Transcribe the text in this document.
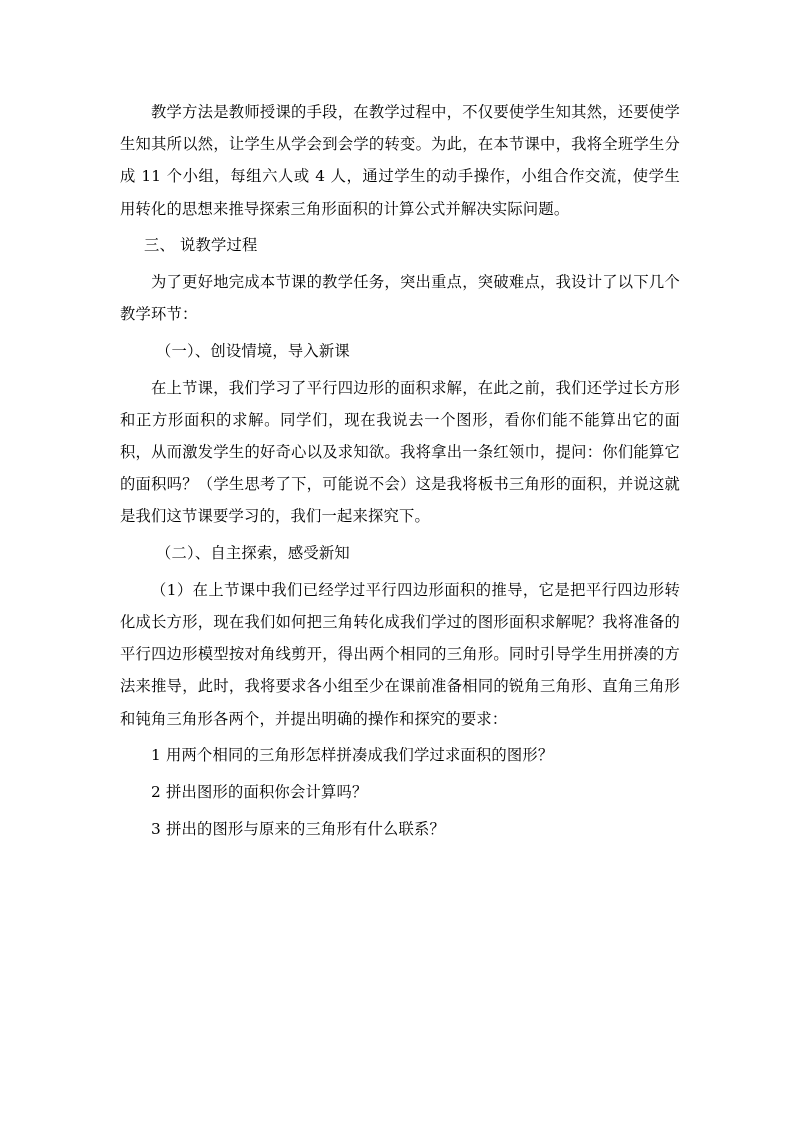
教学方法是教师授课的手段，在教学过程中，不仅要使学生知其然，还要使学生知其所以然，让学生从学会到会学的转变。为此，在本节课中，我将全班学生分成 11 个小组，每组六人或 4 人，通过学生的动手操作，小组合作交流，使学生用转化的思想来推导探索三角形面积的计算公式并解决实际问题。

三、 说教学过程

为了更好地完成本节课的教学任务，突出重点，突破难点，我设计了以下几个教学环节：

（一）、创设情境，导入新课

在上节课，我们学习了平行四边形的面积求解，在此之前，我们还学过长方形和正方形面积的求解。同学们，现在我说去一个图形，看你们能不能算出它的面积，从而激发学生的好奇心以及求知欲。我将拿出一条红领巾，提问：你们能算它的面积吗？（学生思考了下，可能说不会）这是我将板书三角形的面积，并说这就是我们这节课要学习的，我们一起来探究下。

（二）、自主探索，感受新知

（1）在上节课中我们已经学过平行四边形面积的推导，它是把平行四边形转化成长方形，现在我们如何把三角转化成我们学过的图形面积求解呢？我将准备的平行四边形模型按对角线剪开，得出两个相同的三角形。同时引导学生用拼凑的方法来推导，此时，我将要求各小组至少在课前准备相同的锐角三角形、直角三角形和钝角三角形各两个，并提出明确的操作和探究的要求：

1 用两个相同的三角形怎样拼凑成我们学过求面积的图形？

2 拼出图形的面积你会计算吗？

3 拼出的图形与原来的三角形有什么联系？
